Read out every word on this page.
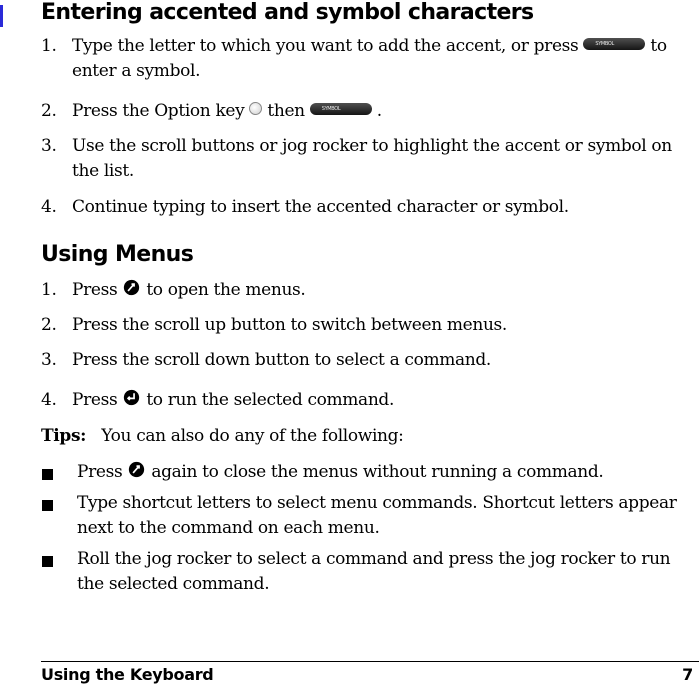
Entering accented and symbol characters
1. Type the letter to which you want to add the accent, or press	SYMBOL to enter a symbol.
2. Press the Option key then	SYMBOL .
3. Use the scroll buttons or jog rocker to highlight the accent or symbol on the list.
4. Continue typing to insert the accented character or symbol.
Using Menus
1. Press to open the menus.
2. Press the scroll up button to switch between menus.
3. Press the scroll down button to select a command.
4. Press to run the selected command.
Tips: You can also do any of the following:
Press again to close the menus without running a command.
Type shortcut letters to select menu commands. Shortcut letters appear next to the command on each menu.
Roll the jog rocker to select a command and press the jog rocker to run the selected command.
Using the Keyboard	7
